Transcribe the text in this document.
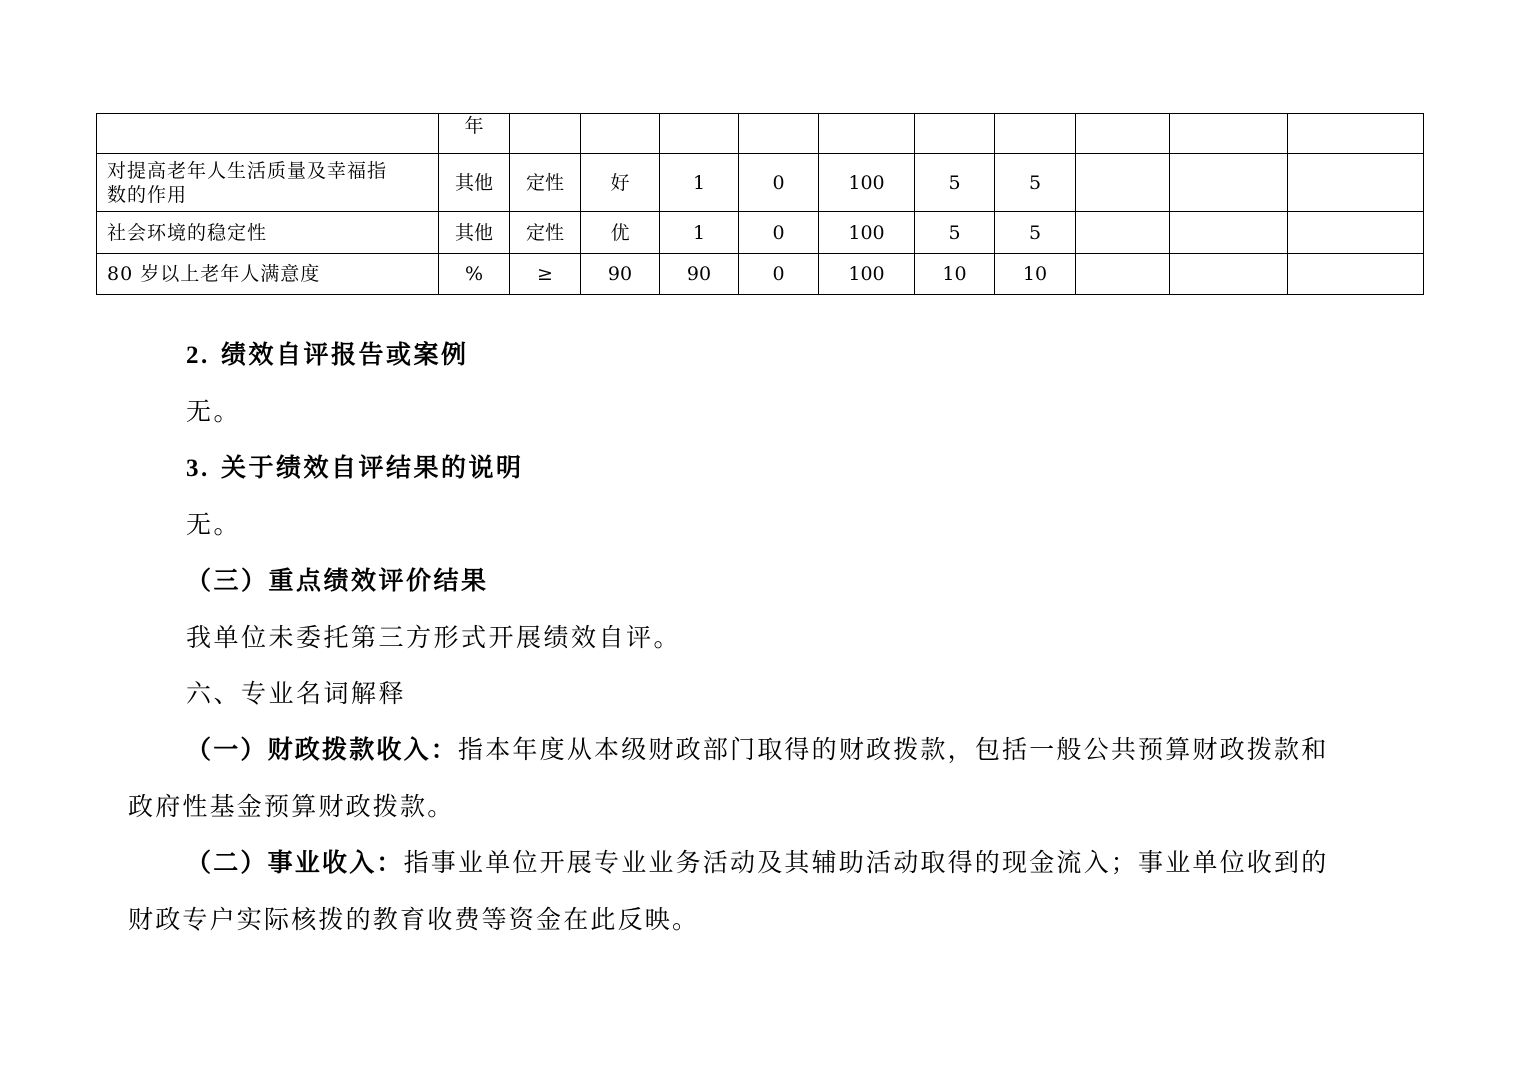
	年										
对提高老年人生活质量及幸福指
数的作用	其他	定性	好	1	0	100	5	5			
社会环境的稳定性	其他	定性	优	1	0	100	5	5			
80 岁以上老年人满意度	%	≥	90	90	0	100	10	10			
2. 绩效自评报告或案例
无。
3. 关于绩效自评结果的说明
无。
（三）重点绩效评价结果
我单位未委托第三方形式开展绩效自评。
六、专业名词解释
（一）财政拨款收入：指本年度从本级财政部门取得的财政拨款，包括一般公共预算财政拨款和
政府性基金预算财政拨款。
（二）事业收入：指事业单位开展专业业务活动及其辅助活动取得的现金流入；事业单位收到的
财政专户实际核拨的教育收费等资金在此反映。
